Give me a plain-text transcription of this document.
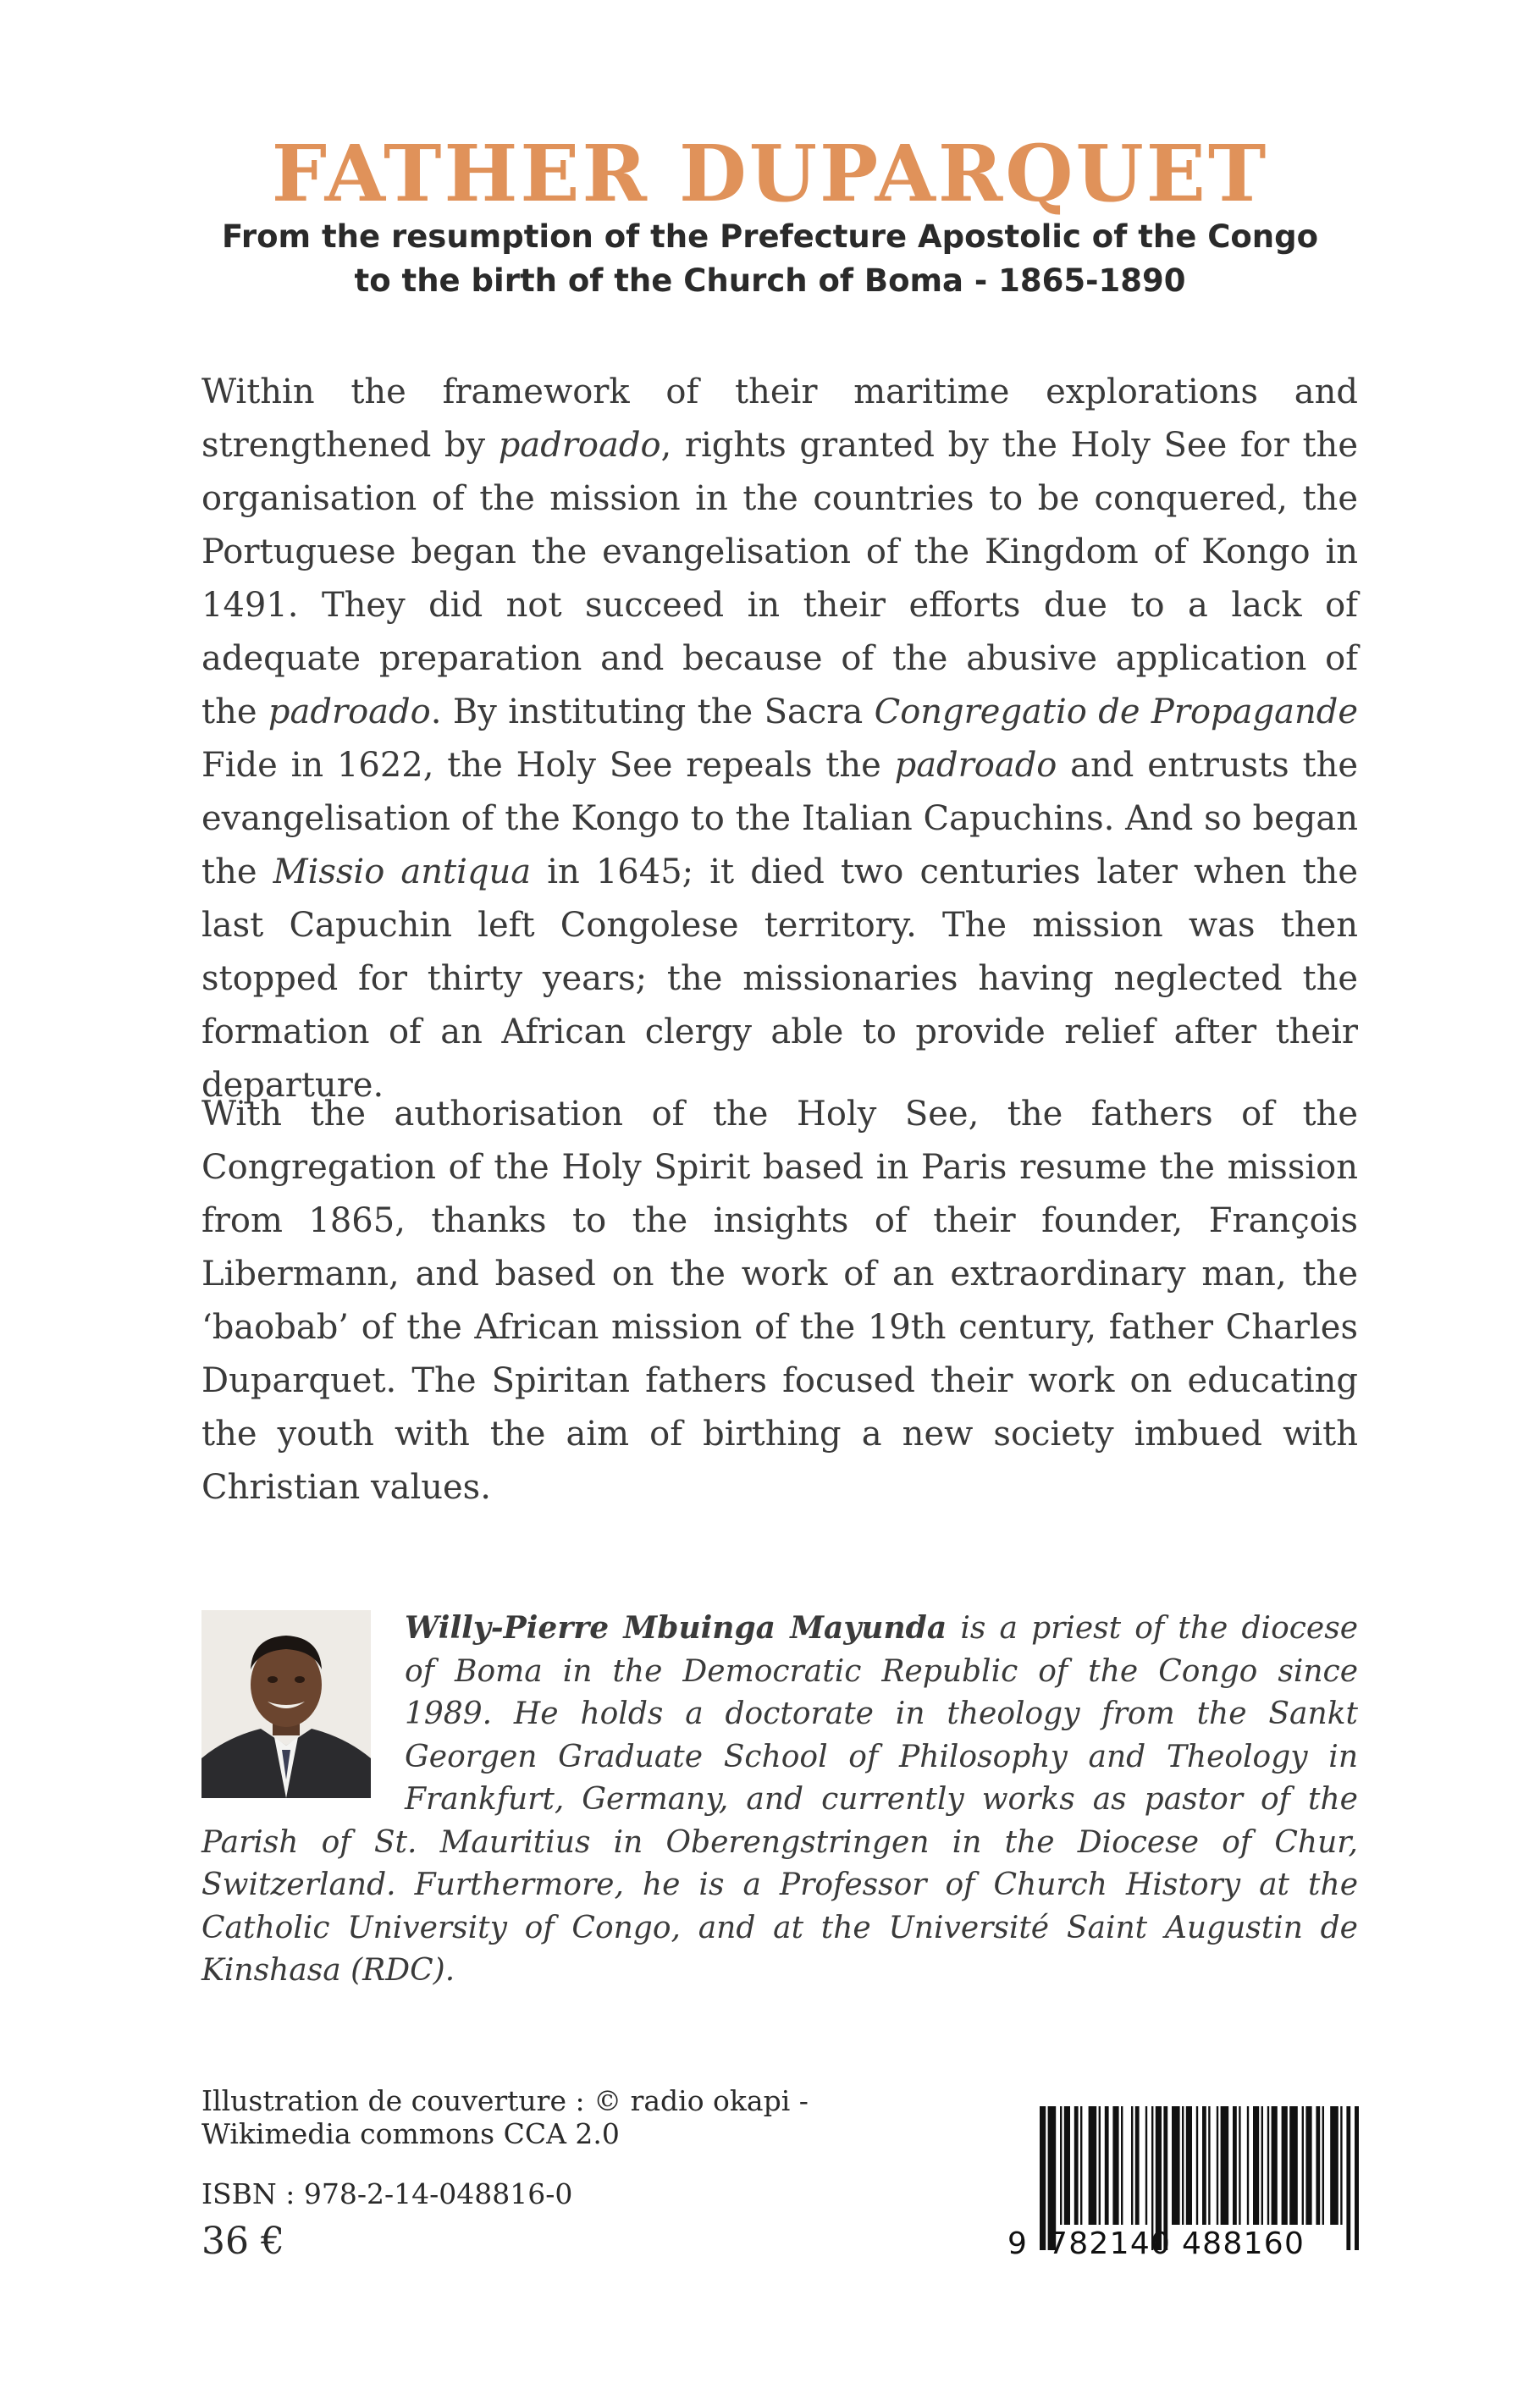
FATHER DUPARQUET
From the resumption of the Prefecture Apostolic of the Congo
to the birth of the Church of Boma - 1865-1890

Within the framework of their maritime explorations and strengthened by padroado, rights granted by the Holy See for the organisation of the mission in the countries to be conquered, the Portuguese began the evangelisation of the Kingdom of Kongo in 1491. They did not succeed in their efforts due to a lack of adequate preparation and because of the abusive application of the padroado. By instituting the Sacra Congregatio de Propagande Fide in 1622, the Holy See repeals the padroado and entrusts the evangelisation of the Kongo to the Italian Capuchins. And so began the Missio antiqua in 1645; it died two centuries later when the last Capuchin left Congolese territory. The mission was then stopped for thirty years; the missionaries having neglected the formation of an African clergy able to provide relief after their departure.

With the authorisation of the Holy See, the fathers of the Congregation of the Holy Spirit based in Paris resume the mission from 1865, thanks to the insights of their founder, François Libermann, and based on the work of an extraordinary man, the ‘baobab’ of the African mission of the 19th century, father Charles Duparquet. The Spiritan fathers focused their work on educating the youth with the aim of birthing a new society imbued with Christian values.

Willy-Pierre Mbuinga Mayunda is a priest of the diocese of Boma in the Democratic Republic of the Congo since 1989. He holds a doctorate in theology from the Sankt Georgen Graduate School of Philosophy and Theology in Frankfurt, Germany, and currently works as pastor of the Parish of St. Mauritius in Oberengstringen in the Diocese of Chur, Switzerland. Furthermore, he is a Professor of Church History at the Catholic University of Congo, and at the Université Saint Augustin de Kinshasa (RDC).

Illustration de couverture : © radio okapi -
Wikimedia commons CCA 2.0
ISBN : 978-2-14-048816-0
36 €	9 782140 488160
